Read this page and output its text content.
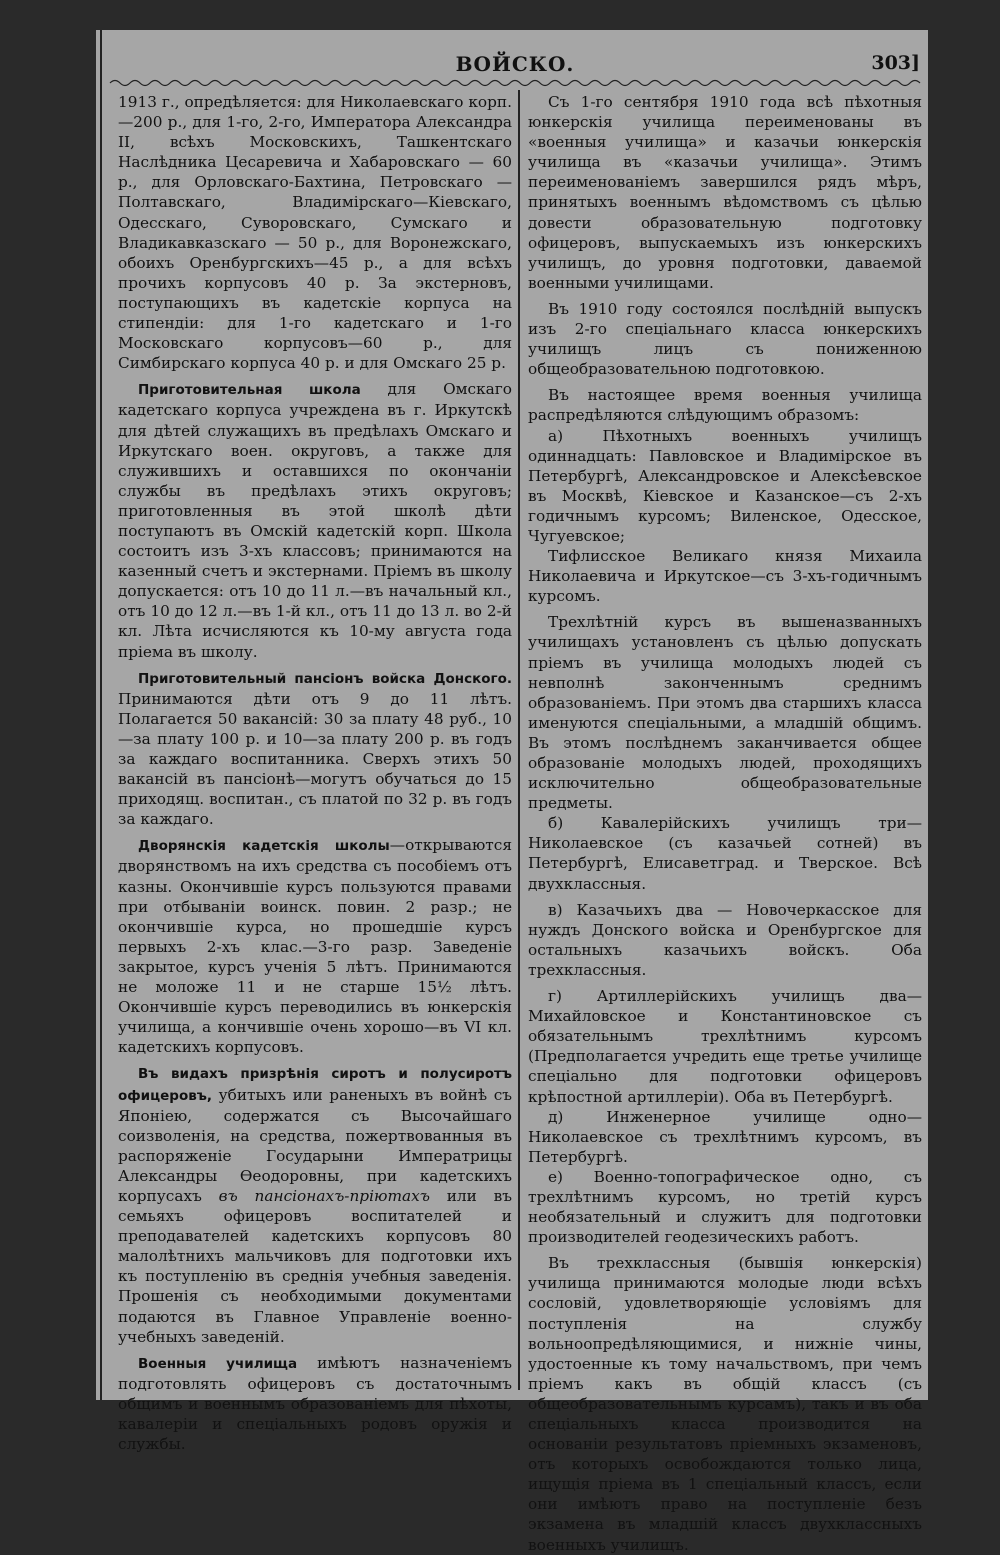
ВОЙСКО.	303]

1913 г., опредѣляется: для Николаевскаго корп.—200 р., для 1-го, 2-го, Императора Александра II, всѣхъ Московскихъ, Ташкентскаго Наслѣдника Цесаревича и Хабаровскаго — 60 р., для Орловскаго-Бахтина, Петровскаго — Полтавскаго, Владимірскаго—Кіевскаго, Одесскаго, Суворовскаго, Сумскаго и Владикавказскаго — 50 р., для Воронежскаго, обоихъ Оренбургскихъ—45 р., а для всѣхъ прочихъ корпусовъ 40 р. За экстерновъ, поступающихъ въ кадетскіе корпуса на стипендіи: для 1-го кадетскаго и 1-го Московскаго корпусовъ—60 р., для Симбирскаго корпуса 40 р. и для Омскаго 25 р.

Приготовительная школа для Омскаго кадетскаго корпуса учреждена въ г. Иркутскѣ для дѣтей служащихъ въ предѣлахъ Омскаго и Иркутскаго воен. округовъ, а также для служившихъ и оставшихся по окончаніи службы въ предѣлахъ этихъ округовъ; приготовленныя въ этой школѣ дѣти поступаютъ въ Омскій кадетскій корп. Школа состоитъ изъ 3-хъ классовъ; принимаются на казенный счетъ и экстернами. Пріемъ въ школу допускается: отъ 10 до 11 л.—въ начальный кл., отъ 10 до 12 л.—въ 1-й кл., отъ 11 до 13 л. во 2-й кл. Лѣта исчисляются къ 10-му августа года пріема въ школу.

Приготовительный пансіонъ войска Донского. Принимаются дѣти отъ 9 до 11 лѣтъ. Полагается 50 вакансій: 30 за плату 48 руб., 10—за плату 100 р. и 10—за плату 200 р. въ годъ за каждаго воспитанника. Сверхъ этихъ 50 вакансій въ пансіонѣ—могутъ обучаться до 15 приходящ. воспитан., съ платой по 32 р. въ годъ за каждаго.

Дворянскія кадетскія школы—открываются дворянствомъ на ихъ средства съ пособіемъ отъ казны. Окончившіе курсъ пользуются правами при отбываніи воинск. повин. 2 разр.; не окончившіе курса, но прошедшіе курсъ первыхъ 2-хъ клас.—3-го разр. Заведеніе закрытое, курсъ ученія 5 лѣтъ. Принимаются не моложе 11 и не старше 15½ лѣтъ. Окончившіе курсъ переводились въ юнкерскія училища, а кончившіе очень хорошо—въ VI кл. кадетскихъ корпусовъ.

Въ видахъ призрѣнія сиротъ и полусиротъ офицеровъ, убитыхъ или раненыхъ въ войнѣ съ Японіею, содержатся съ Высочайшаго соизволенія, на средства, пожертвованныя въ распоряженіе Государыни Императрицы Александры Ѳеодоровны, при кадетскихъ корпусахъ въ пансіонахъ-пріютахъ или въ семьяхъ офицеровъ воспитателей и преподавателей кадетскихъ корпусовъ 80 малолѣтнихъ мальчиковъ для подготовки ихъ къ поступленію въ среднія учебныя заведенія. Прошенія съ необходимыми документами подаются въ Главное Управленіе военно-учебныхъ заведеній.

Военныя училища имѣютъ назначеніемъ подготовлять офицеровъ съ достаточнымъ общимъ и военнымъ образованіемъ для пѣхоты, кавалеріи и спеціальныхъ родовъ оружія и службы.

Съ 1-го сентября 1910 года всѣ пѣхотныя юнкерскія училища переименованы въ «военныя училища» и казачьи юнкерскія училища въ «казачьи училища». Этимъ переименованіемъ завершился рядъ мѣръ, принятыхъ военнымъ вѣдомствомъ съ цѣлью довести образовательную подготовку офицеровъ, выпускаемыхъ изъ юнкерскихъ училищъ, до уровня подготовки, даваемой военными училищами.

Въ 1910 году состоялся послѣдній выпускъ изъ 2-го спеціальнаго класса юнкерскихъ училищъ лицъ съ пониженною общеобразовательною подготовкою.

Въ настоящее время военныя училища распредѣляются слѣдующимъ образомъ:

а) Пѣхотныхъ военныхъ училищъ одиннадцать: Павловское и Владимірское въ Петербургѣ, Александровское и Алексѣевское въ Москвѣ, Кіевское и Казанское—съ 2-хъ годичнымъ курсомъ; Виленское, Одесское, Чугуевское;

Тифлисское Великаго князя Михаила Николаевича и Иркутское—съ 3-хъ-годичнымъ курсомъ.

Трехлѣтній курсъ въ вышеназванныхъ училищахъ установленъ съ цѣлью допускать пріемъ въ училища молодыхъ людей съ невполнѣ законченнымъ среднимъ образованіемъ. При этомъ два старшихъ класса именуются спеціальными, а младшій общимъ. Въ этомъ послѣднемъ заканчивается общее образованіе молодыхъ людей, проходящихъ исключительно общеобразовательные предметы.

б) Кавалерійскихъ училищъ три—Николаевское (съ казачьей сотней) въ Петербургѣ, Елисаветград. и Тверское. Всѣ двухклассныя.

в) Казачьихъ два — Новочеркасское для нуждъ Донского войска и Оренбургское для остальныхъ казачьихъ войскъ. Оба трехклассныя.

г) Артиллерійскихъ училищъ два—Михайловское и Константиновское съ обязательнымъ трехлѣтнимъ курсомъ (Предполагается учредить еще третье училище спеціально для подготовки офицеровъ крѣпостной артиллеріи). Оба въ Петербургѣ.

д) Инженерное училище одно—Николаевское съ трехлѣтнимъ курсомъ, въ Петербургѣ.

е) Военно-топографическое одно, съ трехлѣтнимъ курсомъ, но третій курсъ необязательный и служитъ для подготовки производителей геодезическихъ работъ.

Въ трехклассныя (бывшія юнкерскія) училища принимаются молодые люди всѣхъ сословій, удовлетворяющіе условіямъ для поступленія на службу вольноопредѣляющимися, и нижніе чины, удостоенные къ тому начальствомъ, при чемъ пріемъ какъ въ общій классъ (съ общеобразовательнымъ курсамъ), такъ и въ оба спеціальныхъ класса производится на основаніи результатовъ пріемныхъ экзаменовъ, отъ которыхъ освобождаются только лица, ищущія пріема въ 1 спеціальный классъ, если они имѣютъ право на поступленіе безъ экзамена въ младшій классъ двухклассныхъ военныхъ училищъ.
